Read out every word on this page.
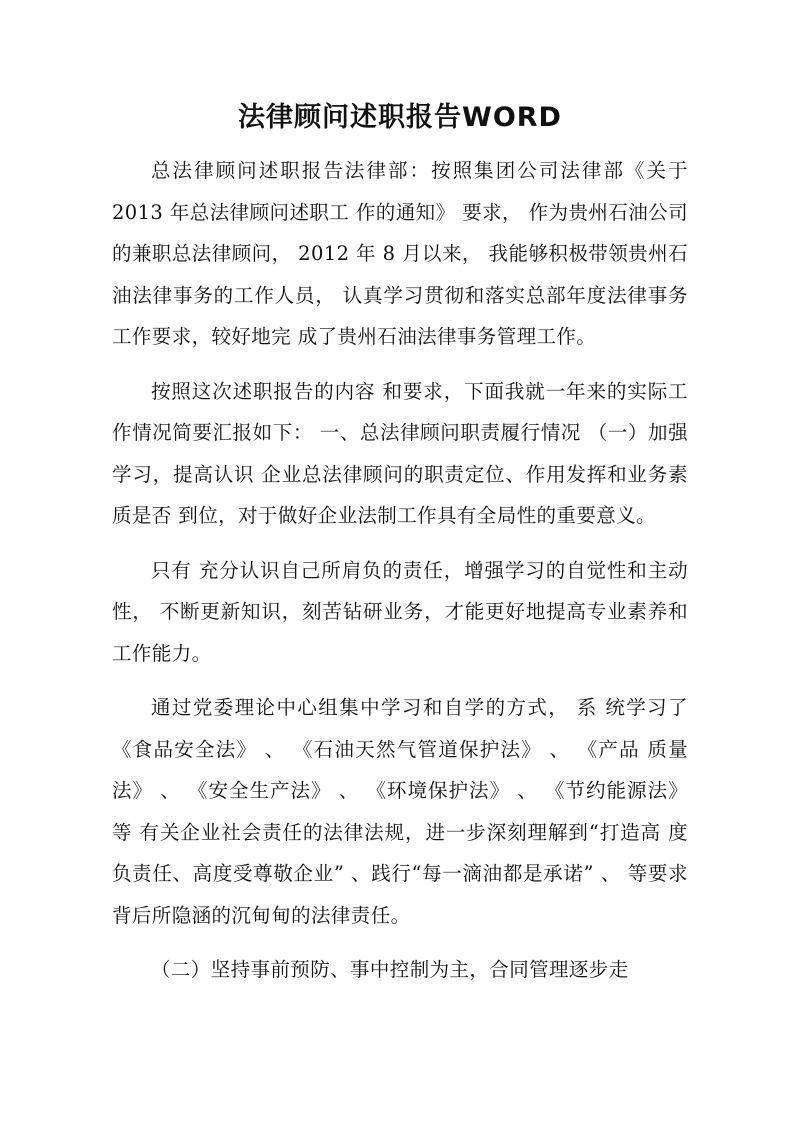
法律顾问述职报告WORD

总法律顾问述职报告法律部：按照集团公司法律部《关于 2013 年总法律顾问述职工 作的通知》 要求， 作为贵州石油公司的兼职总法律顾问， 2012 年 8 月以来， 我能够积极带领贵州石油法律事务的工作人员， 认真学习贯彻和落实总部年度法律事务工作要求，较好地完 成了贵州石油法律事务管理工作。

按照这次述职报告的内容 和要求，下面我就一年来的实际工作情况简要汇报如下： 一、总法律顾问职责履行情况 （一）加强学习，提高认识 企业总法律顾问的职责定位、作用发挥和业务素质是否 到位，对于做好企业法制工作具有全局性的重要意义。

只有 充分认识自己所肩负的责任，增强学习的自觉性和主动性， 不断更新知识，刻苦钻研业务，才能更好地提高专业素养和 工作能力。

通过党委理论中心组集中学习和自学的方式， 系 统学习了《食品安全法》 、 《石油天然气管道保护法》 、 《产品 质量法》 、 《安全生产法》 、 《环境保护法》 、 《节约能源法》等 有关企业社会责任的法律法规，进一步深刻理解到“打造高 度负责任、高度受尊敬企业” 、践行“每一滴油都是承诺” 、 等要求背后所隐涵的沉甸甸的法律责任。

（二）坚持事前预防、事中控制为主，合同管理逐步走
